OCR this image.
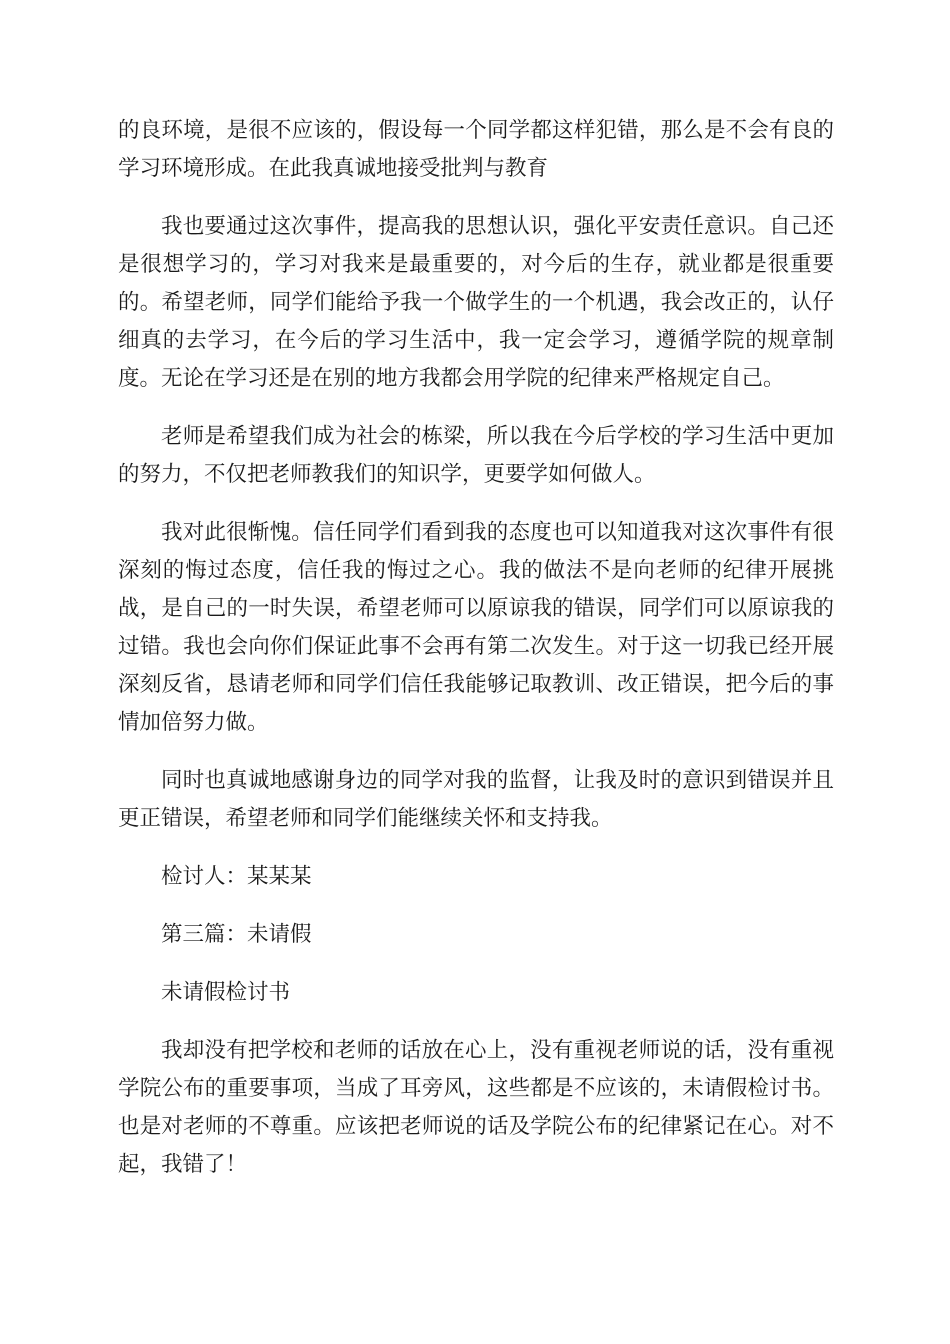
的良环境，是很不应该的，假设每一个同学都这样犯错，那么是不会有良的学习环境形成。在此我真诚地接受批判与教育

我也要通过这次事件，提高我的思想认识，强化平安责任意识。自己还是很想学习的，学习对我来是最重要的，对今后的生存，就业都是很重要的。希望老师，同学们能给予我一个做学生的一个机遇，我会改正的，认仔细真的去学习，在今后的学习生活中，我一定会学习，遵循学院的规章制度。无论在学习还是在别的地方我都会用学院的纪律来严格规定自己。

老师是希望我们成为社会的栋梁，所以我在今后学校的学习生活中更加的努力，不仅把老师教我们的知识学，更要学如何做人。

我对此很惭愧。信任同学们看到我的态度也可以知道我对这次事件有很深刻的悔过态度，信任我的悔过之心。我的做法不是向老师的纪律开展挑战，是自己的一时失误，希望老师可以原谅我的错误，同学们可以原谅我的过错。我也会向你们保证此事不会再有第二次发生。对于这一切我已经开展深刻反省，恳请老师和同学们信任我能够记取教训、改正错误，把今后的事情加倍努力做。

同时也真诚地感谢身边的同学对我的监督，让我及时的意识到错误并且更正错误，希望老师和同学们能继续关怀和支持我。

检讨人：某某某

第三篇：未请假

未请假检讨书

我却没有把学校和老师的话放在心上，没有重视老师说的话，没有重视学院公布的重要事项，当成了耳旁风，这些都是不应该的，未请假检讨书。也是对老师的不尊重。应该把老师说的话及学院公布的纪律紧记在心。对不起，我错了！
